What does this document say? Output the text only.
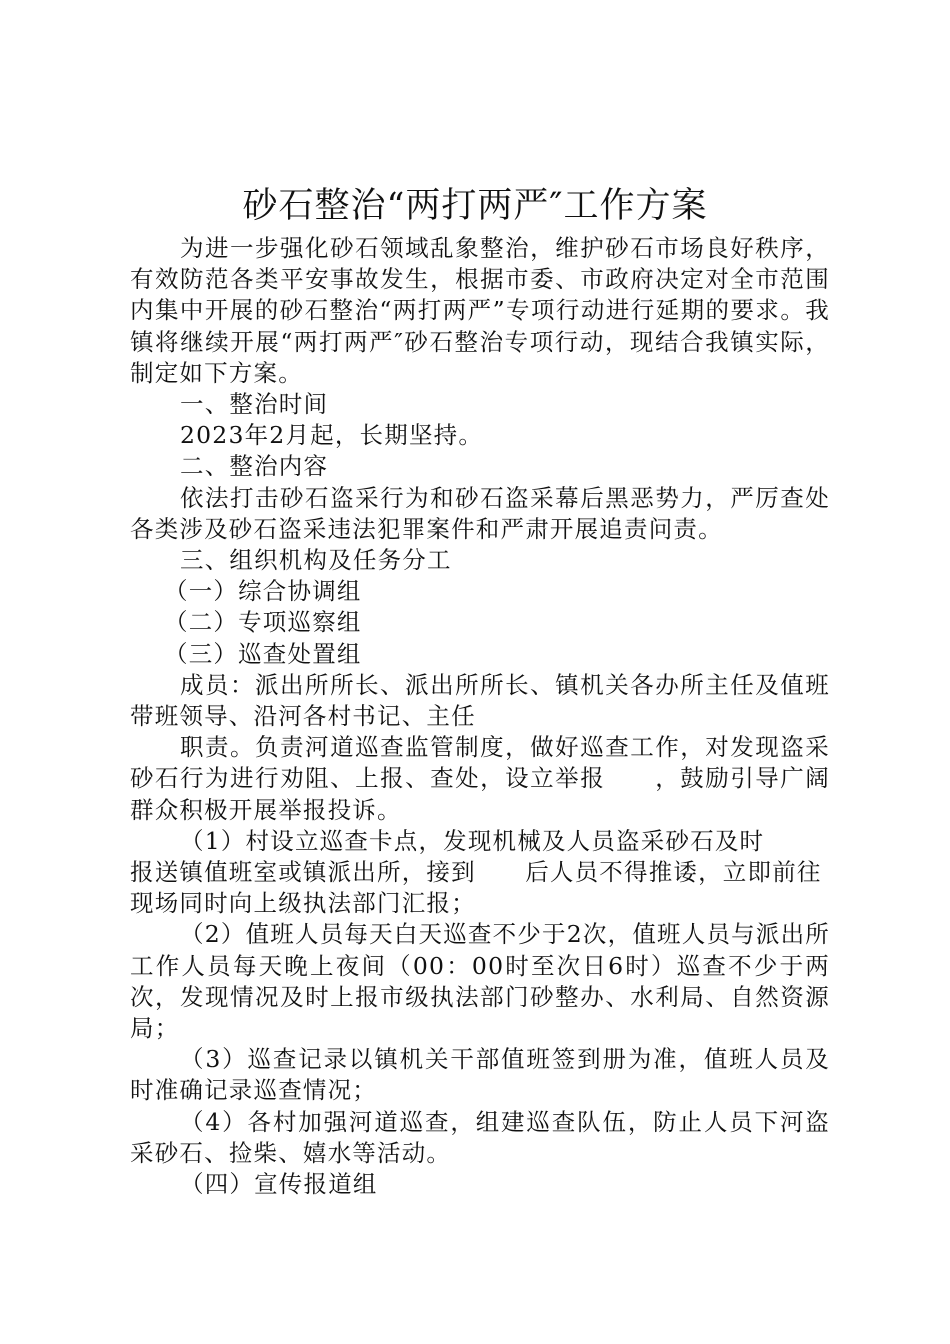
砂石整治“两打两严″工作方案

为进一步强化砂石领域乱象整治，维护砂石市场良好秩序，有效防范各类平安事故发生，根据市委、市政府决定对全市范围内集中开展的砂石整治“两打两严”专项行动进行延期的要求。我镇将继续开展“两打两严″砂石整治专项行动，现结合我镇实际，制定如下方案。

一、整治时间

2023年2月起，长期坚持。

二、整治内容

依法打击砂石盗采行为和砂石盗采幕后黑恶势力，严厉查处各类涉及砂石盗采违法犯罪案件和严肃开展追责问责。

三、组织机构及任务分工

（一）综合协调组

（二）专项巡察组

（三）巡查处置组

成员：派出所所长、派出所所长、镇机关各办所主任及值班带班领导、沿河各村书记、主任

职责。负责河道巡查监管制度，做好巡查工作，对发现盗采砂石行为进行劝阻、上报、查处，设立举报　　，鼓励引导广阔群众积极开展举报投诉。

（1）村设立巡查卡点，发现机械及人员盗采砂石及时
报送镇值班室或镇派出所，接到　　后人员不得推诿，立即前往
现场同时向上级执法部门汇报；

（2）值班人员每天白天巡查不少于2次，值班人员与派出所工作人员每天晚上夜间（00：00时至次日6时）巡查不少于两次，发现情况及时上报市级执法部门砂整办、水利局、自然资源局；

（3）巡查记录以镇机关干部值班签到册为准，值班人员及时准确记录巡查情况；

（4）各村加强河道巡查，组建巡查队伍，防止人员下河盗采砂石、捡柴、嬉水等活动。

（四）宣传报道组
